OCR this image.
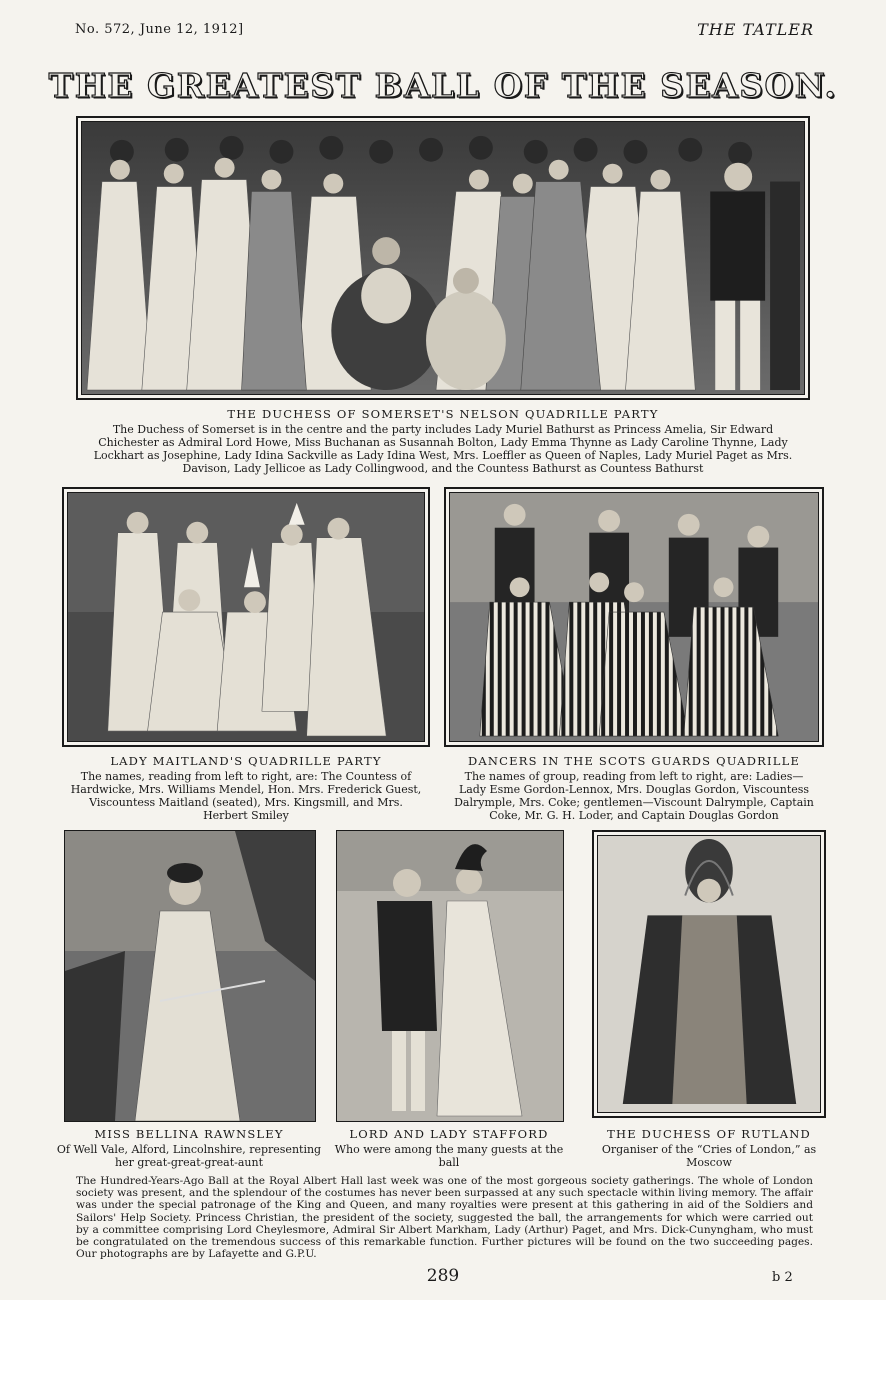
No. 572, June 12, 1912]	THE TATLER
THE GREATEST BALL OF THE SEASON.
THE DUCHESS OF SOMERSET'S NELSON QUADRILLE PARTY
The Duchess of Somerset is in the centre and the party includes Lady Muriel Bathurst as Princess Amelia, Sir Edward Chichester as Admiral Lord Howe, Miss Buchanan as Susannah Bolton, Lady Emma Thynne as Lady Caroline Thynne, Lady Lockhart as Josephine, Lady Idina Sackville as Lady Idina West, Mrs. Loeffler as Queen of Naples, Lady Muriel Paget as Mrs. Davison, Lady Jellicoe as Lady Collingwood, and the Countess Bathurst as Countess Bathurst
LADY MAITLAND'S QUADRILLE PARTY
The names, reading from left to right, are: The Countess of Hardwicke, Mrs. Williams Mendel, Hon. Mrs. Frederick Guest, Viscountess Maitland (seated), Mrs. Kingsmill, and Mrs. Herbert Smiley
DANCERS IN THE SCOTS GUARDS QUADRILLE
The names of group, reading from left to right, are: Ladies— Lady Esme Gordon-Lennox, Mrs. Douglas Gordon, Viscountess Dalrymple, Mrs. Coke; gentlemen—Viscount Dalrymple, Captain Coke, Mr. G. H. Loder, and Captain Douglas Gordon
MISS BELLINA RAWNSLEY
Of Well Vale, Alford, Lincolnshire, representing her great-great-great-aunt
LORD AND LADY STAFFORD
Who were among the many guests at the ball
THE DUCHESS OF RUTLAND
Organiser of the “Cries of London,” as Moscow
The Hundred-Years-Ago Ball at the Royal Albert Hall last week was one of the most gorgeous society gatherings. The whole of London society was present, and the splendour of the costumes has never been surpassed at any such spectacle within living memory. The affair was under the special patronage of the King and Queen, and many royalties were present at this gathering in aid of the Soldiers and Sailors' Help Society. Princess Christian, the president of the society, suggested the ball, the arrangements for which were carried out by a committee comprising Lord Cheylesmore, Admiral Sir Albert Markham, Lady (Arthur) Paget, and Mrs. Dick-Cunyngham, who must be congratulated on the tremendous success of this remarkable function. Further pictures will be found on the two succeeding pages. Our photographs are by Lafayette and G.P.U.
289	b 2
